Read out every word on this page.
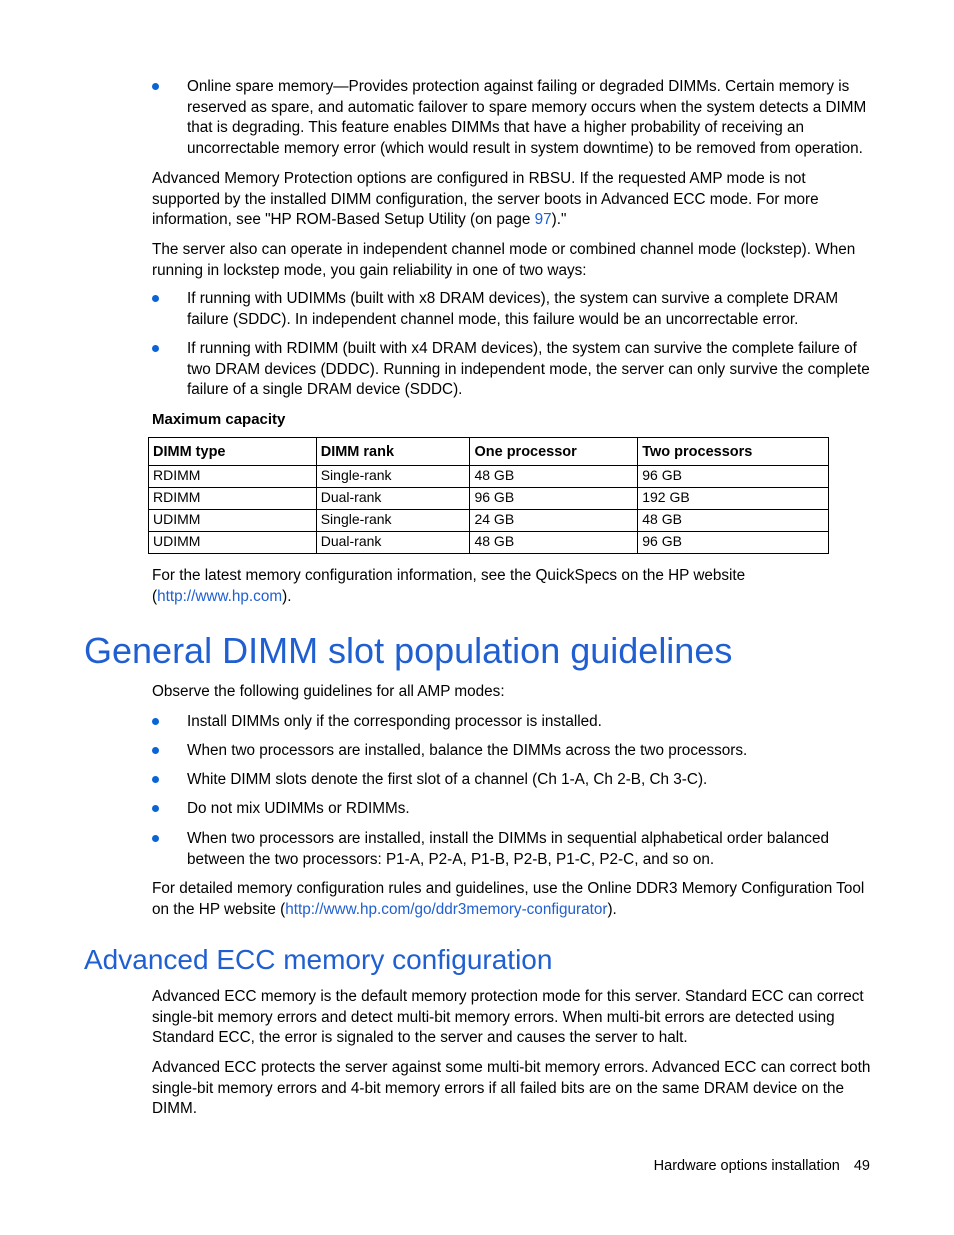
Online spare memory—Provides protection against failing or degraded DIMMs. Certain memory is reserved as spare, and automatic failover to spare memory occurs when the system detects a DIMM that is degrading. This feature enables DIMMs that have a higher probability of receiving an uncorrectable memory error (which would result in system downtime) to be removed from operation.

Advanced Memory Protection options are configured in RBSU. If the requested AMP mode is not supported by the installed DIMM configuration, the server boots in Advanced ECC mode. For more information, see "HP ROM-Based Setup Utility (on page 97)."

The server also can operate in independent channel mode or combined channel mode (lockstep). When running in lockstep mode, you gain reliability in one of two ways:

If running with UDIMMs (built with x8 DRAM devices), the system can survive a complete DRAM failure (SDDC). In independent channel mode, this failure would be an uncorrectable error.
If running with RDIMM (built with x4 DRAM devices), the system can survive the complete failure of two DRAM devices (DDDC). Running in independent mode, the server can only survive the complete failure of a single DRAM device (SDDC).
Maximum capacity
DIMM type	DIMM rank	One processor	Two processors
RDIMM	Single-rank	48 GB	96 GB
RDIMM	Dual-rank	96 GB	192 GB
UDIMM	Single-rank	24 GB	48 GB
UDIMM	Dual-rank	48 GB	96 GB

For the latest memory configuration information, see the QuickSpecs on the HP website (http://www.hp.com).

General DIMM slot population guidelines

Observe the following guidelines for all AMP modes:

Install DIMMs only if the corresponding processor is installed.
When two processors are installed, balance the DIMMs across the two processors.
White DIMM slots denote the first slot of a channel (Ch 1-A, Ch 2-B, Ch 3-C).
Do not mix UDIMMs or RDIMMs.
When two processors are installed, install the DIMMs in sequential alphabetical order balanced between the two processors: P1-A, P2-A, P1-B, P2-B, P1-C, P2-C, and so on.

For detailed memory configuration rules and guidelines, use the Online DDR3 Memory Configuration Tool on the HP website (http://www.hp.com/go/ddr3memory-configurator).

Advanced ECC memory configuration

Advanced ECC memory is the default memory protection mode for this server. Standard ECC can correct single-bit memory errors and detect multi-bit memory errors. When multi-bit errors are detected using Standard ECC, the error is signaled to the server and causes the server to halt.

Advanced ECC protects the server against some multi-bit memory errors. Advanced ECC can correct both single-bit memory errors and 4-bit memory errors if all failed bits are on the same DRAM device on the DIMM.

Hardware options installation 49
